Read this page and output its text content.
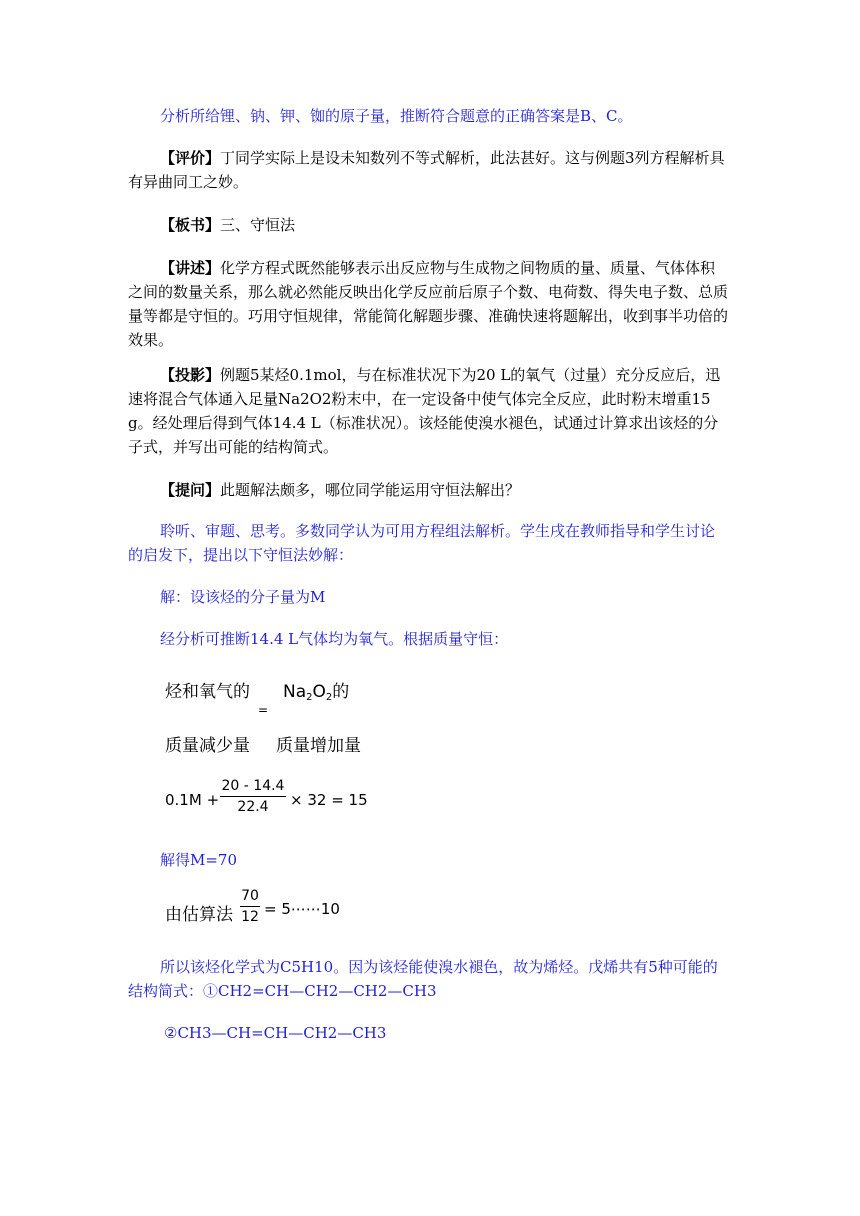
分析所给锂、钠、钾、铷的原子量，推断符合题意的正确答案是B、C。

【评价】丁同学实际上是设未知数列不等式解析，此法甚好。这与例题3列方程解析具有异曲同工之妙。

【板书】三、守恒法

【讲述】化学方程式既然能够表示出反应物与生成物之间物质的量、质量、气体体积之间的数量关系，那么就必然能反映出化学反应前后原子个数、电荷数、得失电子数、总质量等都是守恒的。巧用守恒规律，常能简化解题步骤、准确快速将题解出，收到事半功倍的效果。

【投影】例题5某烃0.1mol，与在标准状况下为20 L的氧气（过量）充分反应后，迅速将混合气体通入足量Na2O2粉末中，在一定设备中使气体完全反应，此时粉末增重15 g。经处理后得到气体14.4 L（标准状况）。该烃能使溴水褪色，试通过计算求出该烃的分子式，并写出可能的结构简式。

【提问】此题解法颇多，哪位同学能运用守恒法解出？

聆听、审题、思考。多数同学认为可用方程组法解析。学生戌在教师指导和学生讨论的启发下，提出以下守恒法妙解：

解：设该烃的分子量为M

经分析可推断14.4 L气体均为氧气。根据质量守恒：

烃和氧气的 Na2O2的
=
质量减少量 质量增加量
0.1M +
20 - 14.4
22.4	× 32 = 15

解得M=70

由估算法
70
12 = 5⋯⋯10

所以该烃化学式为C5H10。因为该烃能使溴水褪色，故为烯烃。戊烯共有5种可能的结构简式：①CH2=CH—CH2—CH2—CH3

②CH3—CH=CH—CH2—CH3
